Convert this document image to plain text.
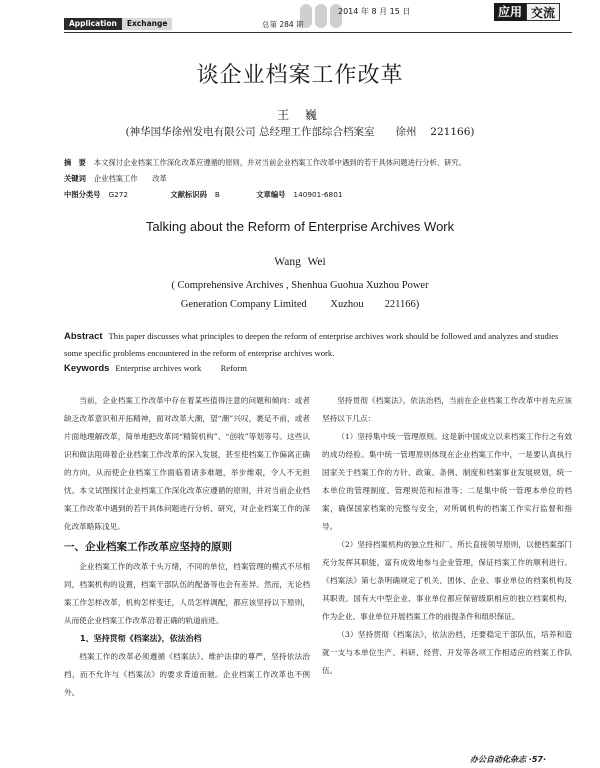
Application	Exchange	总第 284 期
2014 年 8 月 15 日	应用 交流
谈企业档案工作改革
王 巍
(神华国华徐州发电有限公司 总经理工作部综合档案室　　徐州　 221166)
摘　要 本文探讨企业档案工作深化改革应遵循的原则，并对当前企业档案工作改革中遇到的若干具体问题进行分析、研究。
关键词 企业档案工作　　改革
中图分类号 G272	文献标识码 B	文章编号 140901-6801
Talking about the Reform of Enterprise Archives Work
Wang Wei
( Comprehensive Archives , Shenhua Guohua Xuzhou Power
Generation Company Limited　　 Xuzhou　　221166)
Abstract This paper discusses what principles to deepen the reform of enterprise archives work should be followed and analyzes and studies some specific problems encountered in the reform of enterprise archives work.
Keywords Enterprise archives work　　 Reform

当前，企业档案工作改革中存在着某些值得注意的问题和倾向：或者缺乏改革意识和开拓精神，面对改革大潮，望“潮”兴叹，裹足不前，或者片面地理解改革，简单地把改革同“精简机构”、“创收”等划等号。这些认识和做法阻碍着企业档案工作改革的深入发展，甚至使档案工作偏离正确的方向，从而使企业档案工作面临着诸多难题，举步维艰，令人不无担忧。本文试图探讨企业档案工作深化改革应遵循的原则，并对当前企业档案工作改革中遇到的若干具体问题进行分析、研究，对企业档案工作的深化改革略陈浅见。

一、企业档案工作改革应坚持的原则

企业档案工作的改革千头万绪，不同的单位，档案管理的模式不尽相同，档案机构的设置，档案干部队伍的配备等也会有差异。然而，无论档案工作怎样改革，机构怎样变迁，人员怎样调配，都应该坚持以下原则，从而使企业档案工作改革沿着正确的轨道前进。

1、坚持贯彻《档案法》，依法治档

档案工作的改革必须遵循《档案法》、维护法律的尊严，坚持依法治档，而不允许与《档案法》的要求背道而驰。企业档案工作改革也不例外。

坚持贯彻《档案法》，依法治档，当前在企业档案工作改革中首先应该坚持以下几点：

（1）坚持集中统一管理原则。这是新中国成立以来档案工作行之有效的成功经验。集中统一管理原则体现在企业档案工作中，一是要认真执行国家关于档案工作的方针、政策、条例、制度和档案事业发展规划，统一本单位的管理制度、管理规范和标准等；二是集中统一管理本单位的档案，确保国家档案的完整与安全，对所属机构的档案工作实行监督和指导。

（2）坚持档案机构的独立性和厂、所长直接领导原则，以便档案部门充分发挥其职能，富有成效地参与企业管理，保证档案工作的顺利进行。《档案法》第七条明确规定了机关、团体、企业、事业单位的档案机构及其职责。国有大中型企业、事业单位都应保留级职相应的独立档案机构，作为企业、事业单位开展档案工作的前提条件和组织保证。

（3）坚持贯彻《档案法》，依法治档，还要稳定干部队伍，培养和造就一支与本单位生产、科研、经营、开发等各项工作相适应的档案工作队伍。

办公自动化杂志 ·57·
